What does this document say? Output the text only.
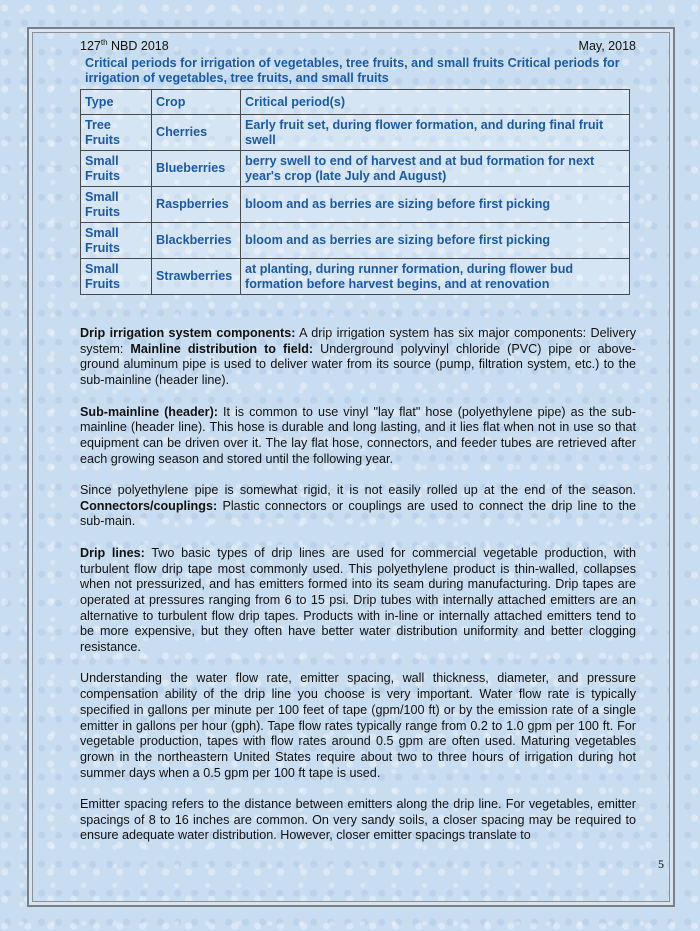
127th NBD 2018	May, 2018
Critical periods for irrigation of vegetables, tree fruits, and small fruits Critical periods for irrigation of vegetables, tree fruits, and small fruits
Type	Crop	Critical period(s)
Tree Fruits	Cherries	Early fruit set, during flower formation, and during final fruit swell
Small Fruits	Blueberries	berry swell to end of harvest and at bud formation for next year's crop (late July and August)
Small Fruits	Raspberries	bloom and as berries are sizing before first picking
Small Fruits	Blackberries	bloom and as berries are sizing before first picking
Small Fruits	Strawberries	at planting, during runner formation, during flower bud formation before harvest begins, and at renovation

Drip irrigation system components: A drip irrigation system has six major components: Delivery system: Mainline distribution to field: Underground polyvinyl chloride (PVC) pipe or above-ground aluminum pipe is used to deliver water from its source (pump, filtration system, etc.) to the sub-mainline (header line).

Sub-mainline (header): It is common to use vinyl "lay flat" hose (polyethylene pipe) as the sub-mainline (header line). This hose is durable and long lasting, and it lies flat when not in use so that equipment can be driven over it. The lay flat hose, connectors, and feeder tubes are retrieved after each growing season and stored until the following year.

Since polyethylene pipe is somewhat rigid, it is not easily rolled up at the end of the season. Connectors/couplings: Plastic connectors or couplings are used to connect the drip line to the sub-main.

Drip lines: Two basic types of drip lines are used for commercial vegetable production, with turbulent flow drip tape most commonly used. This polyethylene product is thin-walled, collapses when not pressurized, and has emitters formed into its seam during manufacturing. Drip tapes are operated at pressures ranging from 6 to 15 psi. Drip tubes with internally attached emitters are an alternative to turbulent flow drip tapes. Products with in-line or internally attached emitters tend to be more expensive, but they often have better water distribution uniformity and better clogging resistance.

Understanding the water flow rate, emitter spacing, wall thickness, diameter, and pressure compensation ability of the drip line you choose is very important. Water flow rate is typically specified in gallons per minute per 100 feet of tape (gpm/100 ft) or by the emission rate of a single emitter in gallons per hour (gph). Tape flow rates typically range from 0.2 to 1.0 gpm per 100 ft. For vegetable production, tapes with flow rates around 0.5 gpm are often used. Maturing vegetables grown in the northeastern United States require about two to three hours of irrigation during hot summer days when a 0.5 gpm per 100 ft tape is used.

Emitter spacing refers to the distance between emitters along the drip line. For vegetables, emitter spacings of 8 to 16 inches are common. On very sandy soils, a closer spacing may be required to ensure adequate water distribution. However, closer emitter spacings translate to

5
